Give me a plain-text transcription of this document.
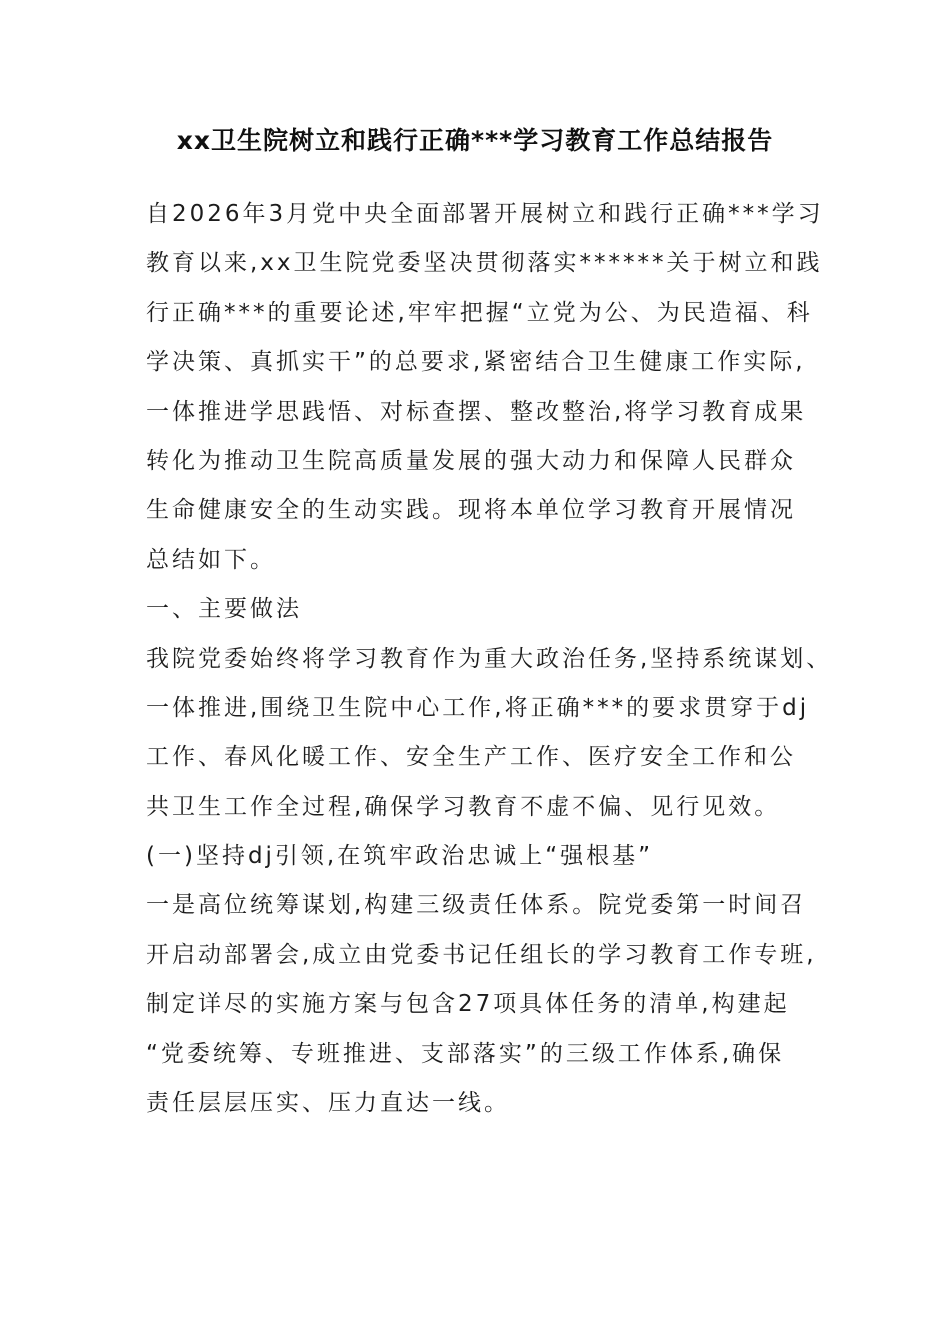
xx卫生院树立和践行正确***学习教育工作总结报告
自2026年3月党中央全面部署开展树立和践行正确***学习
教育以来,xx卫生院党委坚决贯彻落实******关于树立和践
行正确***的重要论述,牢牢把握“立党为公、为民造福、科
学决策、真抓实干”的总要求,紧密结合卫生健康工作实际,
一体推进学思践悟、对标查摆、整改整治,将学习教育成果
转化为推动卫生院高质量发展的强大动力和保障人民群众
生命健康安全的生动实践。现将本单位学习教育开展情况
总结如下。
一、主要做法
我院党委始终将学习教育作为重大政治任务,坚持系统谋划、
一体推进,围绕卫生院中心工作,将正确***的要求贯穿于dj
工作、春风化暖工作、安全生产工作、医疗安全工作和公
共卫生工作全过程,确保学习教育不虚不偏、见行见效。
(一)坚持dj引领,在筑牢政治忠诚上“强根基”
一是高位统筹谋划,构建三级责任体系。院党委第一时间召
开启动部署会,成立由党委书记任组长的学习教育工作专班,
制定详尽的实施方案与包含27项具体任务的清单,构建起
“党委统筹、专班推进、支部落实”的三级工作体系,确保
责任层层压实、压力直达一线。
